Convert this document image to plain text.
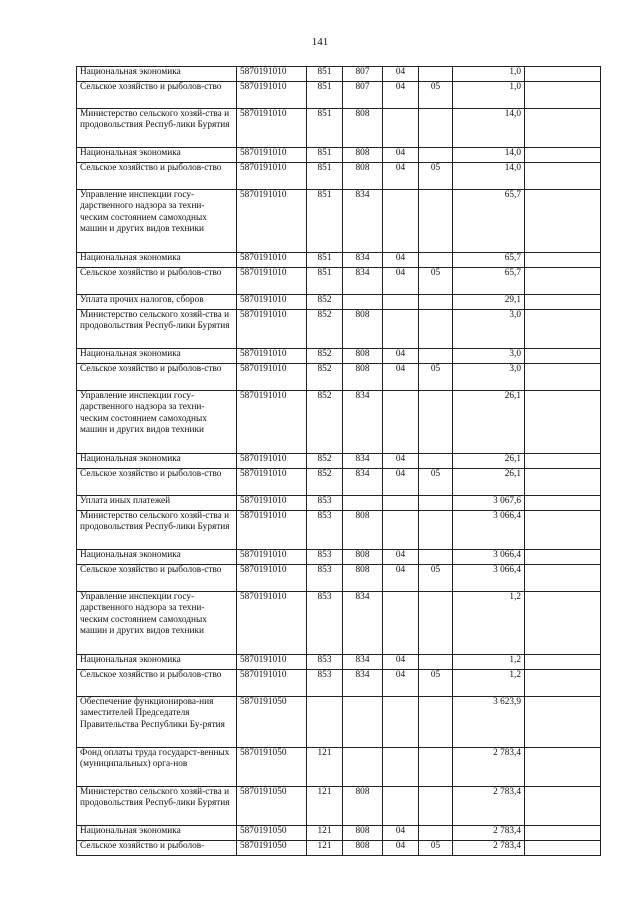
141
Национальная экономика	5870191010	851	807	04		1,0	
Сельское хозяйство и рыболов-ство	5870191010	851	807	04	05	1,0	
Министерство сельского хозяй-ства и продовольствия Респуб-лики Бурятия	5870191010	851	808			14,0	
Национальная экономика	5870191010	851	808	04		14,0	
Сельское хозяйство и рыболов-ство	5870191010	851	808	04	05	14,0	
Управление инспекции госу-дарственного надзора за техни-ческим состоянием самоходных машин и других видов техники	5870191010	851	834			65,7	
Национальная экономика	5870191010	851	834	04		65,7	
Сельское хозяйство и рыболов-ство	5870191010	851	834	04	05	65,7	
Уплата прочих налогов, сборов	5870191010	852				29,1	
Министерство сельского хозяй-ства и продовольствия Респуб-лики Бурятия	5870191010	852	808			3,0	
Национальная экономика	5870191010	852	808	04		3,0	
Сельское хозяйство и рыболов-ство	5870191010	852	808	04	05	3,0	
Управление инспекции госу-дарственного надзора за техни-ческим состоянием самоходных машин и других видов техники	5870191010	852	834			26,1	
Национальная экономика	5870191010	852	834	04		26,1	
Сельское хозяйство и рыболов-ство	5870191010	852	834	04	05	26,1	
Уплата иных платежей	5870191010	853				3 067,6	
Министерство сельского хозяй-ства и продовольствия Респуб-лики Бурятия	5870191010	853	808			3 066,4	
Национальная экономика	5870191010	853	808	04		3 066,4	
Сельское хозяйство и рыболов-ство	5870191010	853	808	04	05	3 066,4	
Управление инспекции госу-дарственного надзора за техни-ческим состоянием самоходных машин и других видов техники	5870191010	853	834			1,2	
Национальная экономика	5870191010	853	834	04		1,2	
Сельское хозяйство и рыболов-ство	5870191010	853	834	04	05	1,2	
Обеспечение функционирова-ния заместителей Председателя Правительства Республики Бу-рятия	5870191050					3 623,9	
Фонд оплаты труда государст-венных (муниципальных) орга-нов	5870191050	121				2 783,4	
Министерство сельского хозяй-ства и продовольствия Респуб-лики Бурятия	5870191050	121	808			2 783,4	
Национальная экономика	5870191050	121	808	04		2 783,4	
Сельское хозяйство и рыболов-	5870191050	121	808	04	05	2 783,4	
